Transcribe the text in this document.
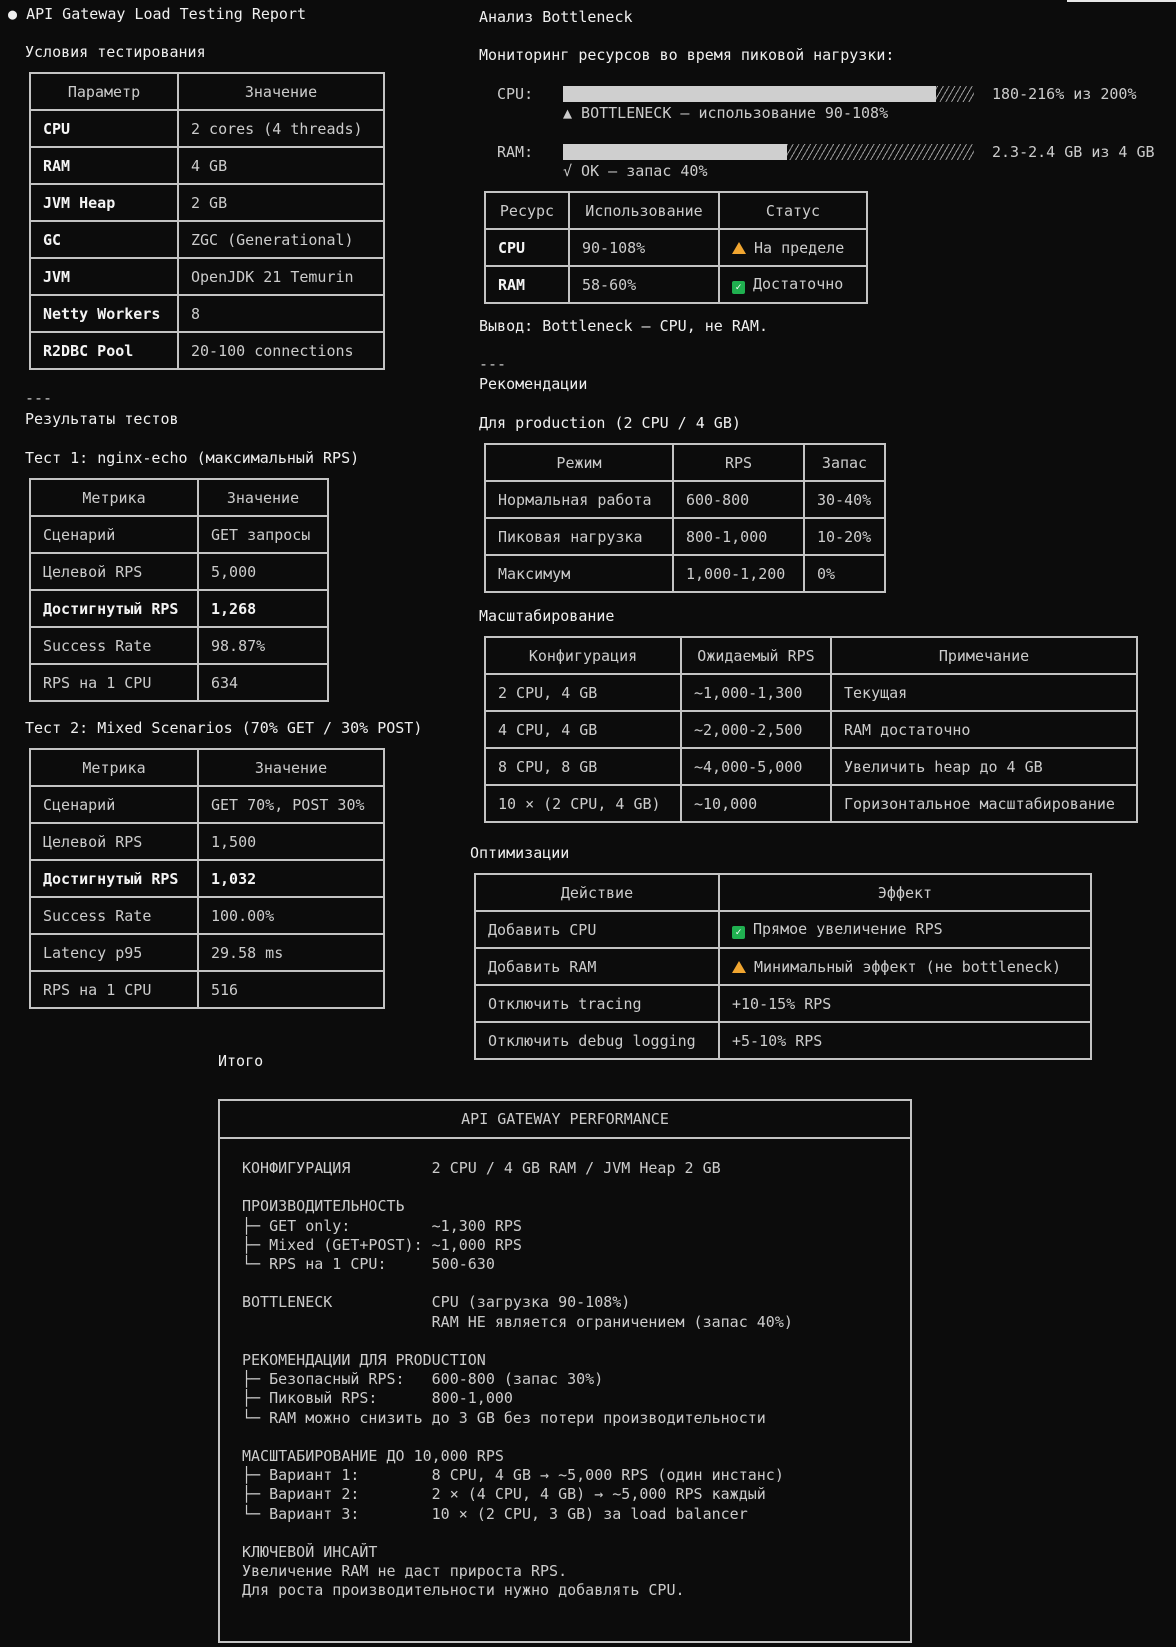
● API Gateway Load Testing Report
Условия тестирования
Параметр	Значение
CPU	2 cores (4 threads)
RAM	4 GB
JVM Heap	2 GB
GC	ZGC (Generational)
JVM	OpenJDK 21 Temurin
Netty Workers	8
R2DBC Pool	20-100 connections
---
Результаты тестов
Тест 1: nginx-echo (максимальный RPS)
Метрика	Значение
Сценарий	GET запросы
Целевой RPS	5,000
Достигнутый RPS	1,268
Success Rate	98.87%
RPS на 1 CPU	634
Тест 2: Mixed Scenarios (70% GET / 30% POST)
Метрика	Значение
Сценарий	GET 70%, POST 30%
Целевой RPS	1,500
Достигнутый RPS	1,032
Success Rate	100.00%
Latency p95	29.58 ms
RPS на 1 CPU	516
Анализ Bottleneck
Мониторинг ресурсов во время пиковой нагрузки:
CPU:	180-216% из 200%
▲ BOTTLENECK — использование 90-108%
RAM:	2.3-2.4 GB из 4 GB
√ OK — запас 40%
Ресурс	Использование	Статус
CPU	90-108%	На пределе
RAM	58-60%	✓ Достаточно
Вывод: Bottleneck — CPU, не RAM.
---
Рекомендации
Для production (2 CPU / 4 GB)
Режим	RPS	Запас
Нормальная работа	600-800	30-40%
Пиковая нагрузка	800-1,000	10-20%
Максимум	1,000-1,200	0%
Масштабирование
Конфигурация	Ожидаемый RPS	Примечание
2 CPU, 4 GB	~1,000-1,300	Текущая
4 CPU, 4 GB	~2,000-2,500	RAM достаточно
8 CPU, 8 GB	~4,000-5,000	Увеличить heap до 4 GB
10 × (2 CPU, 4 GB)	~10,000	Горизонтальное масштабирование
Оптимизации
Действие	Эффект
Добавить CPU	✓ Прямое увеличение RPS
Добавить RAM	Минимальный эффект (не bottleneck)
Отключить tracing	+10-15% RPS
Отключить debug logging	+5-10% RPS
Итого
API GATEWAY PERFORMANCE
КОНФИГУРАЦИЯ         2 CPU / 4 GB RAM / JVM Heap 2 GB

ПРОИЗВОДИТЕЛЬНОСТЬ
├─ GET only:         ~1,300 RPS
├─ Mixed (GET+POST): ~1,000 RPS
└─ RPS на 1 CPU:     500-630

BOTTLENECK           CPU (загрузка 90-108%)
RAM НЕ является ограничением (запас 40%)

РЕКОМЕНДАЦИИ ДЛЯ PRODUCTION
├─ Безопасный RPS:   600-800 (запас 30%)
├─ Пиковый RPS:      800-1,000
└─ RAM можно снизить до 3 GB без потери производительности

МАСШТАБИРОВАНИЕ ДО 10,000 RPS
├─ Вариант 1:        8 CPU, 4 GB → ~5,000 RPS (один инстанс)
├─ Вариант 2:        2 × (4 CPU, 4 GB) → ~5,000 RPS каждый
└─ Вариант 3:        10 × (2 CPU, 3 GB) за load balancer

КЛЮЧЕВОЙ ИНСАЙТ
Увеличение RAM не даст прироста RPS.
Для роста производительности нужно добавлять CPU.
